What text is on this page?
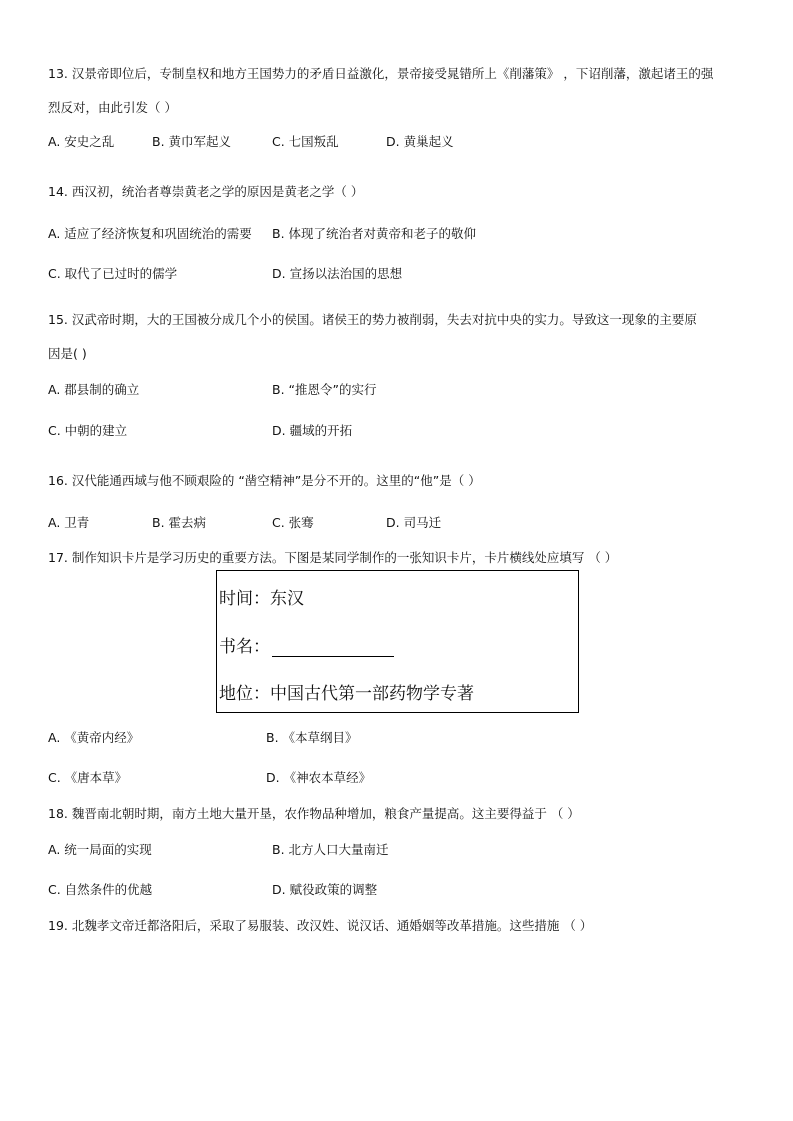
13. 汉景帝即位后，专制皇权和地方王国势力的矛盾日益激化，景帝接受晁错所上《削藩策》 ，下诏削藩，激起诸王的强
烈反对，由此引发（ ）
A. 安史之乱	B. 黄巾军起义	C. 七国叛乱	D. 黄巢起义
14. 西汉初，统治者尊崇黄老之学的原因是黄老之学（ ）
A. 适应了经济恢复和巩固统治的需要 B. 体现了统治者对黄帝和老子的敬仰
C. 取代了已过时的儒学	D. 宣扬以法治国的思想
15. 汉武帝时期，大的王国被分成几个小的侯国。诸侯王的势力被削弱，失去对抗中央的实力。导致这一现象的主要原
因是( )
A. 郡县制的确立	B. “推恩令”的实行
C. 中朝的建立	D. 疆域的开拓
16. 汉代能通西域与他不顾艰险的 “凿空精神”是分不开的。这里的“他”是（ ）
A. 卫青	B. 霍去病	C. 张骞	D. 司马迁
17. 制作知识卡片是学习历史的重要方法。下图是某同学制作的一张知识卡片，卡片横线处应填写 （ ）
时间：东汉
书名：
地位：中国古代第一部药物学专著
A. 《黄帝内经》	B. 《本草纲目》
C. 《唐本草》	D. 《神农本草经》
18. 魏晋南北朝时期，南方土地大量开垦，农作物品种增加，粮食产量提高。这主要得益于 （ ）
A. 统一局面的实现	B. 北方人口大量南迁
C. 自然条件的优越	D. 赋役政策的调整
19. 北魏孝文帝迁都洛阳后，采取了易服装、改汉姓、说汉话、通婚姻等改革措施。这些措施 （ ）
